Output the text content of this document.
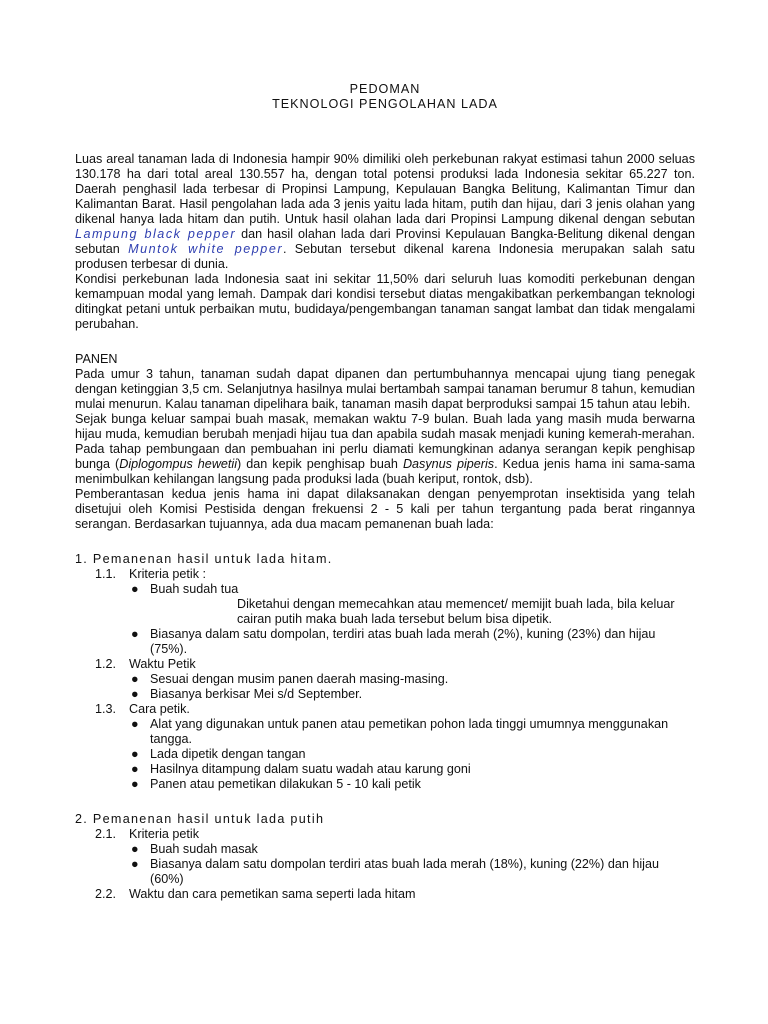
PEDOMAN
TEKNOLOGI PENGOLAHAN LADA

Luas areal tanaman lada di Indonesia hampir 90% dimiliki oleh perkebunan rakyat estimasi tahun 2000 seluas 130.178 ha dari total areal 130.557 ha, dengan total potensi produksi lada Indonesia sekitar 65.227 ton. Daerah penghasil lada terbesar di Propinsi Lampung, Kepulauan Bangka Belitung, Kalimantan Timur dan Kalimantan Barat. Hasil pengolahan lada ada 3 jenis yaitu lada hitam, putih dan hijau, dari 3 jenis olahan yang dikenal hanya lada hitam dan putih. Untuk hasil olahan lada dari Propinsi Lampung dikenal dengan sebutan Lampung black pepper dan hasil olahan lada dari Provinsi Kepulauan Bangka-Belitung dikenal dengan sebutan Muntok white pepper. Sebutan tersebut dikenal karena Indonesia merupakan salah satu produsen terbesar di dunia.

Kondisi perkebunan lada Indonesia saat ini sekitar 11,50% dari seluruh luas komoditi perkebunan dengan kemampuan modal yang lemah. Dampak dari kondisi tersebut diatas mengakibatkan perkembangan teknologi ditingkat petani untuk perbaikan mutu, budidaya/pengembangan tanaman sangat lambat dan tidak mengalami perubahan.

PANEN

Pada umur 3 tahun, tanaman sudah dapat dipanen dan pertumbuhannya mencapai ujung tiang penegak dengan ketinggian 3,5 cm. Selanjutnya hasilnya mulai bertambah sampai tanaman berumur 8 tahun, kemudian mulai menurun. Kalau tanaman dipelihara baik, tanaman masih dapat berproduksi sampai 15 tahun atau lebih.

Sejak bunga keluar sampai buah masak, memakan waktu 7-9 bulan. Buah lada yang masih muda berwarna hijau muda, kemudian berubah menjadi hijau tua dan apabila sudah masak menjadi kuning kemerah-merahan. Pada tahap pembungaan dan pembuahan ini perlu diamati kemungkinan adanya serangan kepik penghisap bunga (Diplogompus hewetii) dan kepik penghisap buah Dasynus piperis. Kedua jenis hama ini sama-sama menimbulkan kehilangan langsung pada produksi lada (buah keriput, rontok, dsb).

Pemberantasan kedua jenis hama ini dapat dilaksanakan dengan penyemprotan insektisida yang telah disetujui oleh Komisi Pestisida dengan frekuensi 2 - 5 kali per tahun tergantung pada berat ringannya serangan. Berdasarkan tujuannya, ada dua macam pemanenan buah lada:

1. Pemanenan hasil untuk lada hitam.
1.1. Kriteria petik :
● Buah sudah tua
Diketahui dengan memecahkan atau memencet/ memijit buah lada, bila keluar cairan putih maka buah lada tersebut belum bisa dipetik.
● Biasanya dalam satu dompolan, terdiri atas buah lada merah (2%), kuning (23%) dan hijau (75%).
1.2. Waktu Petik
● Sesuai dengan musim panen daerah masing-masing.
● Biasanya berkisar Mei s/d September.
1.3. Cara petik.
● Alat yang digunakan untuk panen atau pemetikan pohon lada tinggi umumnya menggunakan tangga.
● Lada dipetik dengan tangan
● Hasilnya ditampung dalam suatu wadah atau karung goni
● Panen atau pemetikan dilakukan 5 - 10 kali petik
2. Pemanenan hasil untuk lada putih
2.1. Kriteria petik
● Buah sudah masak
● Biasanya dalam satu dompolan terdiri atas buah lada merah (18%), kuning (22%) dan hijau (60%)
2.2. Waktu dan cara pemetikan sama seperti lada hitam
